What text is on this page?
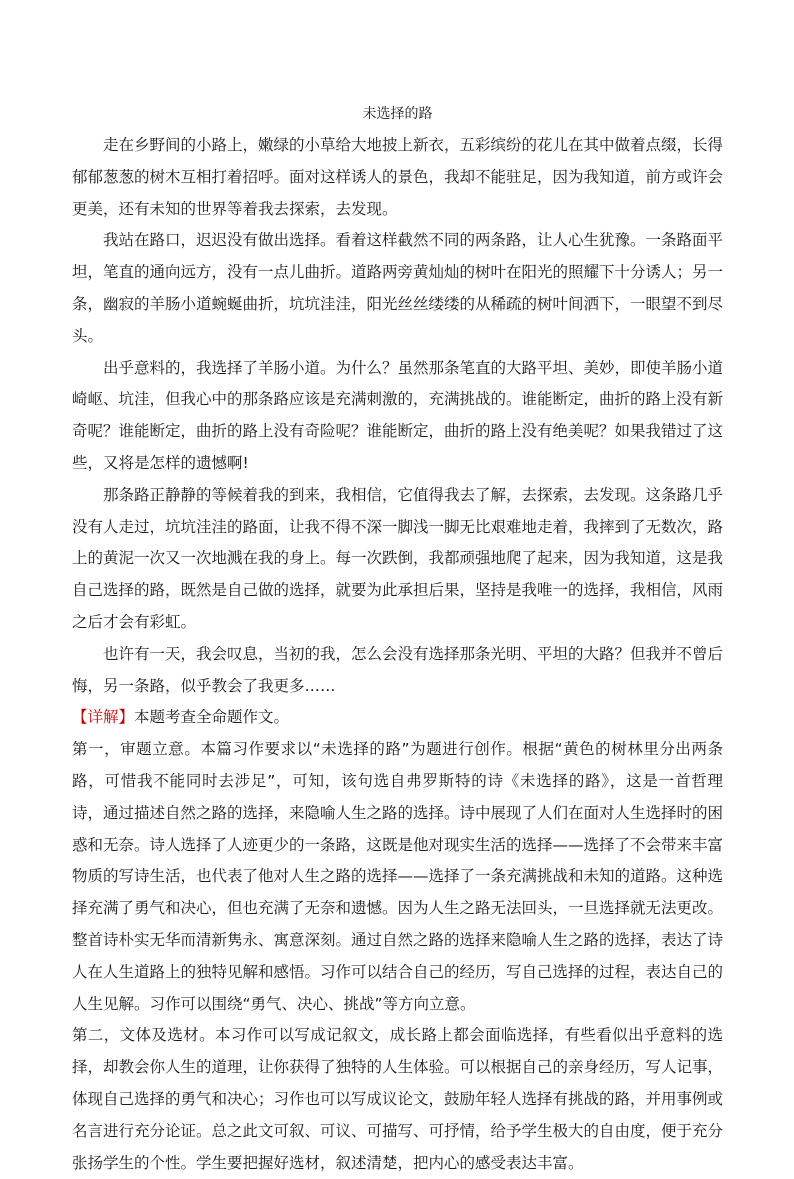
未选择的路

走在乡野间的小路上，嫩绿的小草给大地披上新衣，五彩缤纷的花儿在其中做着点缀，长得郁郁葱葱的树木互相打着招呼。面对这样诱人的景色，我却不能驻足，因为我知道，前方或许会更美，还有未知的世界等着我去探索，去发现。

我站在路口，迟迟没有做出选择。看着这样截然不同的两条路，让人心生犹豫。一条路面平坦，笔直的通向远方，没有一点儿曲折。道路两旁黄灿灿的树叶在阳光的照耀下十分诱人；另一条，幽寂的羊肠小道蜿蜒曲折，坑坑洼洼，阳光丝丝缕缕的从稀疏的树叶间洒下，一眼望不到尽头。

出乎意料的，我选择了羊肠小道。为什么？虽然那条笔直的大路平坦、美妙，即使羊肠小道崎岖、坑洼，但我心中的那条路应该是充满刺激的，充满挑战的。谁能断定，曲折的路上没有新奇呢？谁能断定，曲折的路上没有奇险呢？谁能断定，曲折的路上没有绝美呢？如果我错过了这些，又将是怎样的遗憾啊!

那条路正静静的等候着我的到来，我相信，它值得我去了解，去探索，去发现。这条路几乎没有人走过，坑坑洼洼的路面，让我不得不深一脚浅一脚无比艰难地走着，我摔到了无数次，路上的黄泥一次又一次地溅在我的身上。每一次跌倒，我都顽强地爬了起来，因为我知道，这是我自己选择的路，既然是自己做的选择，就要为此承担后果，坚持是我唯一的选择，我相信，风雨之后才会有彩虹。

也许有一天，我会叹息，当初的我，怎么会没有选择那条光明、平坦的大路？但我并不曾后悔，另一条路，似乎教会了我更多……

【详解】本题考查全命题作文。

第一，审题立意。本篇习作要求以“未选择的路”为题进行创作。根据“黄色的树林里分出两条路，可惜我不能同时去涉足”，可知，该句选自弗罗斯特的诗《未选择的路》，这是一首哲理诗，通过描述自然之路的选择，来隐喻人生之路的选择。诗中展现了人们在面对人生选择时的困惑和无奈。诗人选择了人迹更少的一条路，这既是他对现实生活的选择——选择了不会带来丰富物质的写诗生活，也代表了他对人生之路的选择——选择了一条充满挑战和未知的道路。这种选择充满了勇气和决心，但也充满了无奈和遗憾。因为人生之路无法回头，一旦选择就无法更改。整首诗朴实无华而清新隽永、寓意深刻。通过自然之路的选择来隐喻人生之路的选择，表达了诗人在人生道路上的独特见解和感悟。习作可以结合自己的经历，写自己选择的过程，表达自己的人生见解。习作可以围绕“勇气、决心、挑战”等方向立意。

第二，文体及选材。本习作可以写成记叙文，成长路上都会面临选择，有些看似出乎意料的选择，却教会你人生的道理，让你获得了独特的人生体验。可以根据自己的亲身经历，写人记事，体现自己选择的勇气和决心；习作也可以写成议论文，鼓励年轻人选择有挑战的路，并用事例或名言进行充分论证。总之此文可叙、可议、可描写、可抒情，给予学生极大的自由度，便于充分张扬学生的个性。学生要把握好选材，叙述清楚，把内心的感受表达丰富。
